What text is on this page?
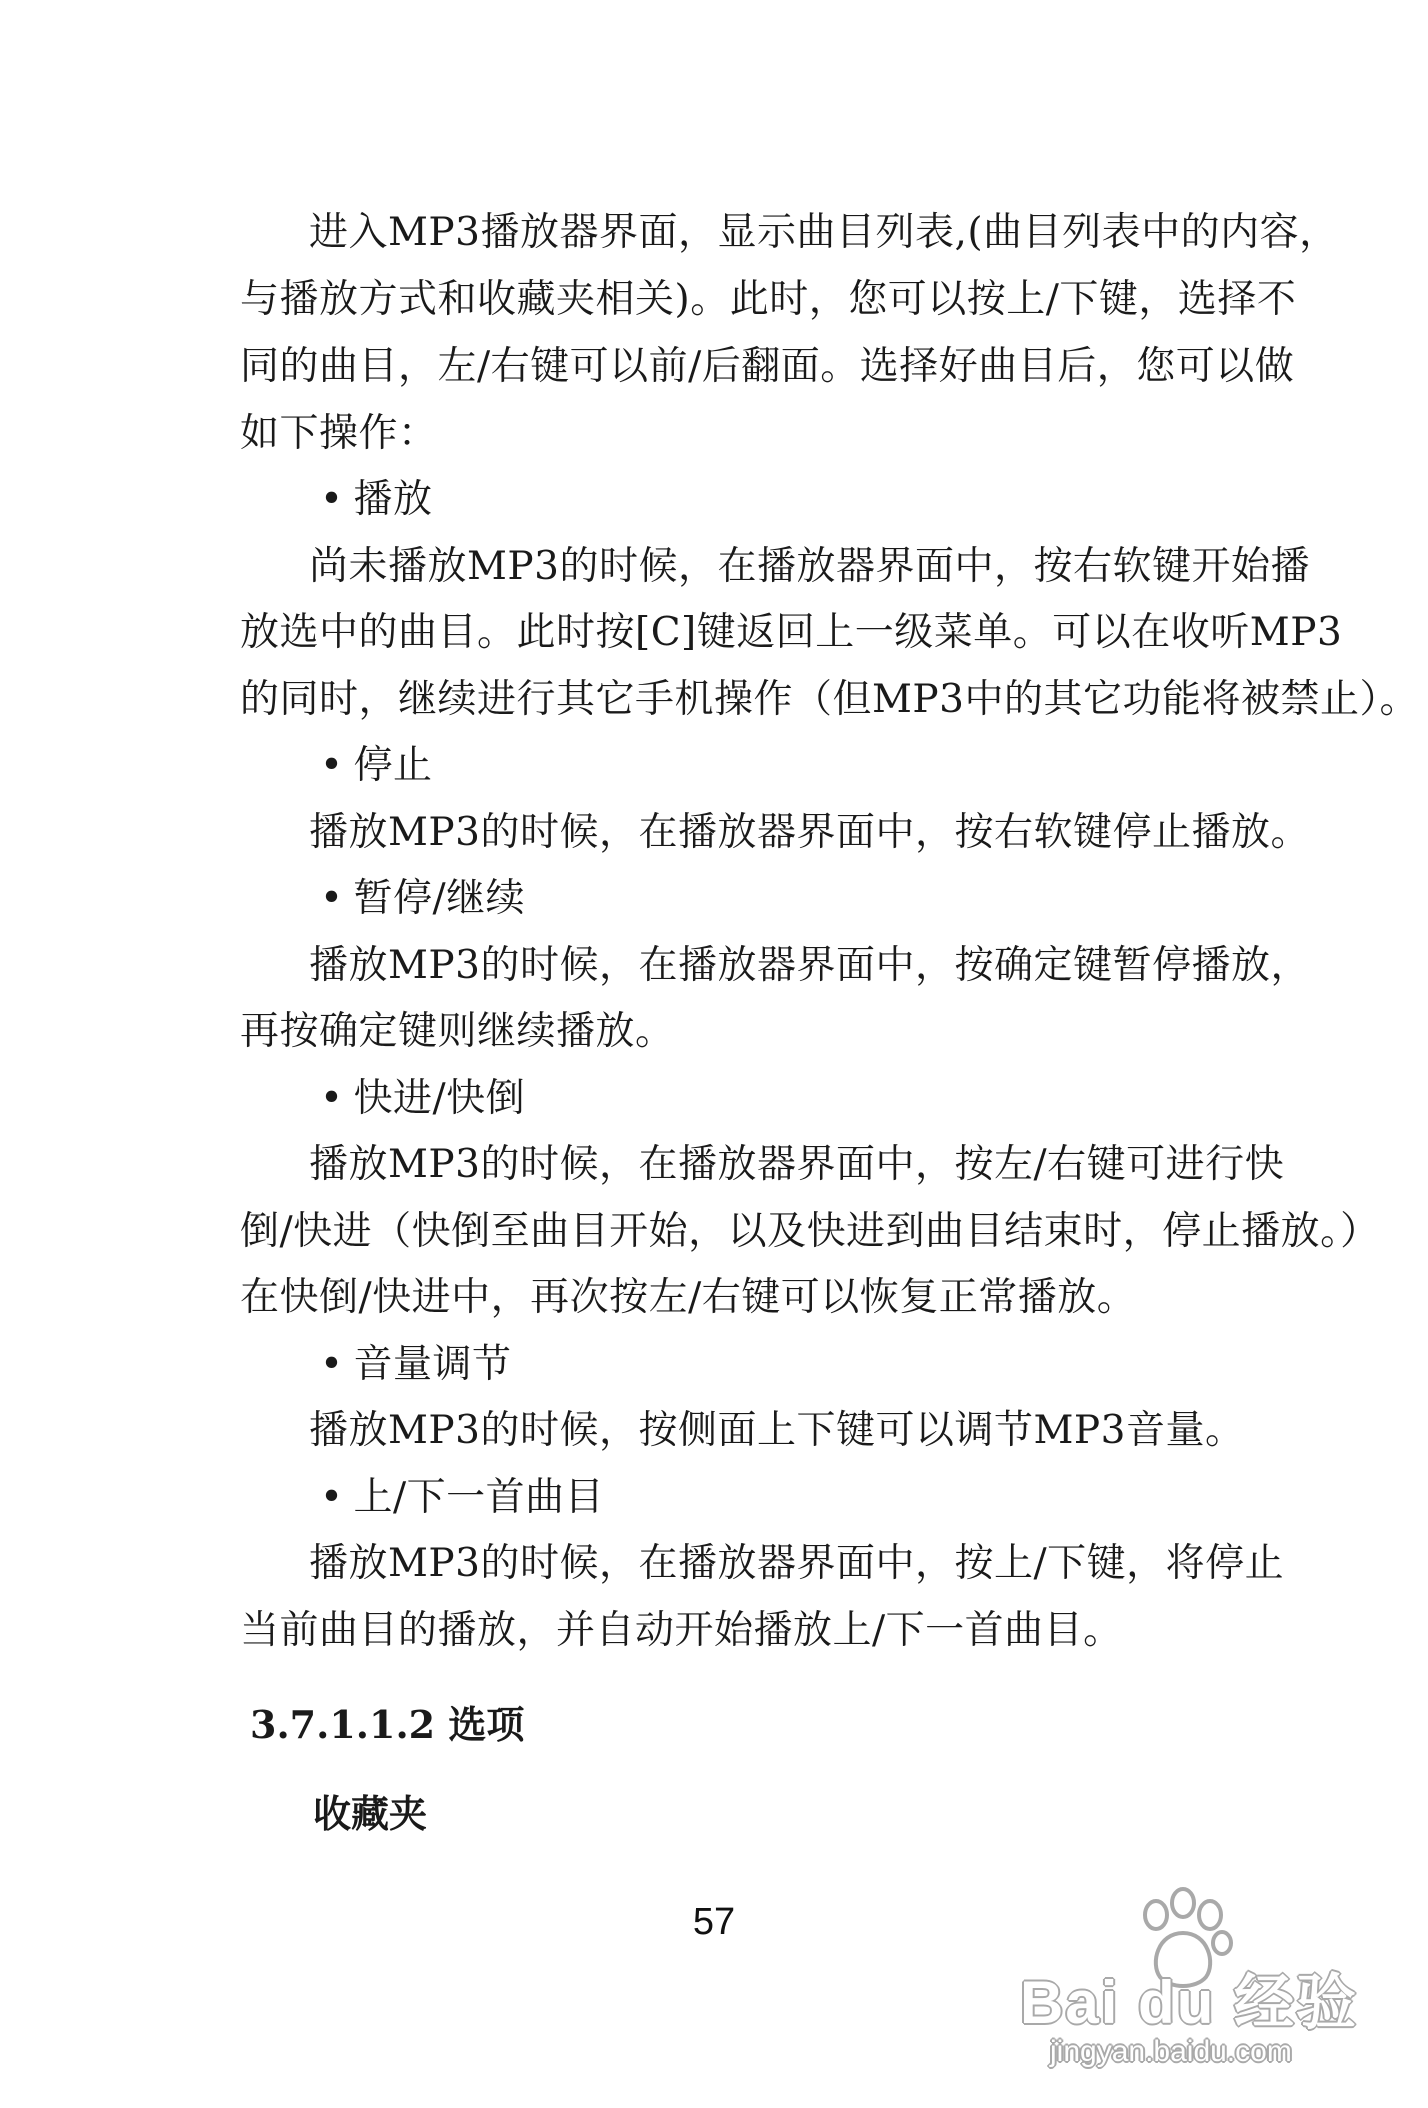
进入MP3播放器界面，显示曲目列表,(曲目列表中的内容，

与播放方式和收藏夹相关)。此时，您可以按上/下键，选择不

同的曲目，左/右键可以前/后翻面。选择好曲目后，您可以做

如下操作：

• 播放

尚未播放MP3的时候，在播放器界面中，按右软键开始播

放选中的曲目。此时按[C]键返回上一级菜单。可以在收听MP3

的同时，继续进行其它手机操作（但MP3中的其它功能将被禁止）。

• 停止

播放MP3的时候，在播放器界面中，按右软键停止播放。

• 暂停/继续

播放MP3的时候，在播放器界面中，按确定键暂停播放，

再按确定键则继续播放。

• 快进/快倒

播放MP3的时候，在播放器界面中，按左/右键可进行快

倒/快进（快倒至曲目开始，以及快进到曲目结束时，停止播放。）

在快倒/快进中，再次按左/右键可以恢复正常播放。

• 音量调节

播放MP3的时候，按侧面上下键可以调节MP3音量。

• 上/下一首曲目

播放MP3的时候，在播放器界面中，按上/下键，将停止

当前曲目的播放，并自动开始播放上/下一首曲目。

3.7.1.1.2 选项
收藏夹

57

Bai du 经验
jingyan.baidu.com
